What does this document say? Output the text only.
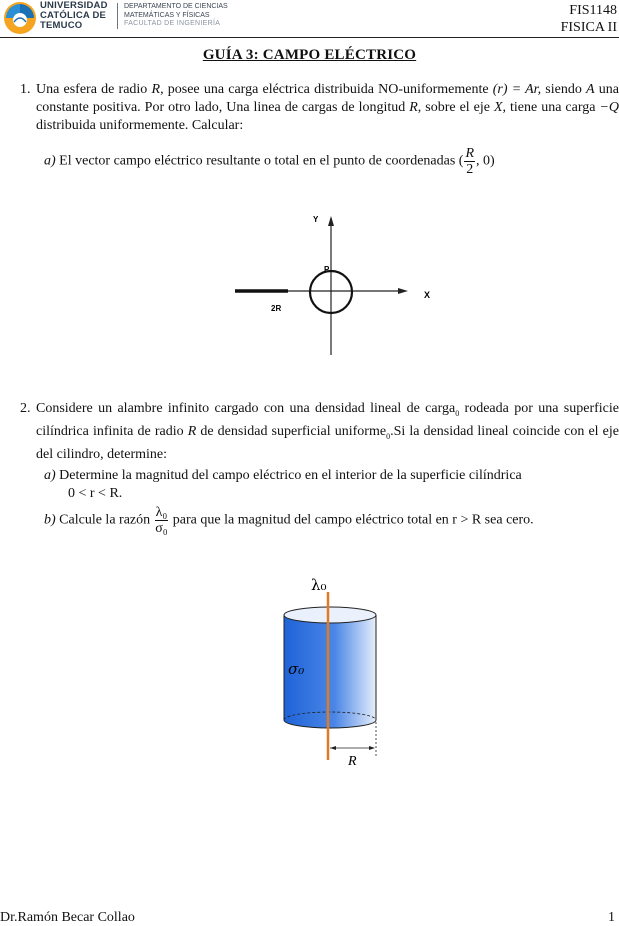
UNIVERSIDAD
CATÓLICA DE
TEMUCO
DEPARTAMENTO DE CIENCIAS
MATEMÁTICAS Y FÍSICAS
FACULTAD DE INGENIERÍA
FIS1148
FISICA II
GUÍA 3: CAMPO ELÉCTRICO
1. Una esfera de radio R, posee una carga eléctrica distribuida NO-uniformemente (r) = Ar, siendo A una constante positiva. Por otro lado, Una linea de cargas de longitud R, sobre el eje X, tiene una carga −Q distribuida uniformemente. Calcular:
a) El vector campo eléctrico resultante o total en el punto de coordenadas ( $\frac{R}{2}$ , 0)
Y
X
P
2R
2. Considere un alambre infinito cargado con una densidad lineal de carga$_0$ rodeada por una superficie cilíndrica infinita de radio R de densidad superficial uniforme$_0$.Si la densidad lineal coincide con el eje del cilindro, determine:
a) Determine la magnitud del campo eléctrico en el interior de la superficie cilíndrica
0 < r < R.
b) Calcule la razón $\frac{\text{λ₀}}{\text{σ₀}}$ para que la magnitud del campo eléctrico total en r > R sea cero.
λ₀
σ₀
R
Dr.Ramón Becar Collao	1
